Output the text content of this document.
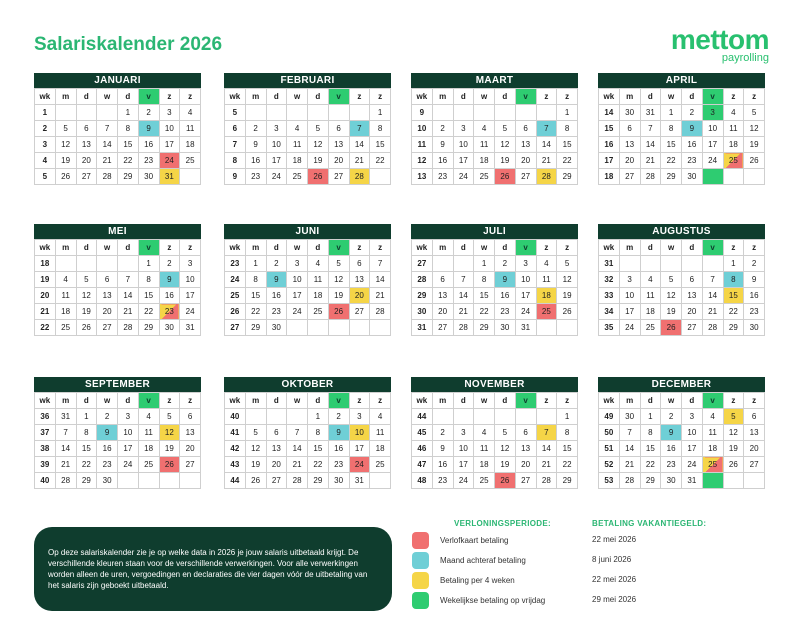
Salariskalender 2026	mettom
payrolling
JANUARI
wk	m	d	w	d	v	z	z
1				1	2	3	4
2	5	6	7	8	9	10	11
3	12	13	14	15	16	17	18
4	19	20	21	22	23	24	25
5	26	27	28	29	30	31	
FEBRUARI
wk	m	d	w	d	v	z	z
5							1
6	2	3	4	5	6	7	8
7	9	10	11	12	13	14	15
8	16	17	18	19	20	21	22
9	23	24	25	26	27	28	
MAART
wk	m	d	w	d	v	z	z
9							1
10	2	3	4	5	6	7	8
11	9	10	11	12	13	14	15
12	16	17	18	19	20	21	22
13	23	24	25	26	27	28	29
APRIL
wk	m	d	w	d	v	z	z
14	30	31	1	2	3	4	5
15	6	7	8	9	10	11	12
16	13	14	15	16	17	18	19
17	20	21	22	23	24	25	26
18	27	28	29	30			
MEI
wk	m	d	w	d	v	z	z
18					1	2	3
19	4	5	6	7	8	9	10
20	11	12	13	14	15	16	17
21	18	19	20	21	22	23	24
22	25	26	27	28	29	30	31
JUNI
wk	m	d	w	d	v	z	z
23	1	2	3	4	5	6	7
24	8	9	10	11	12	13	14
25	15	16	17	18	19	20	21
26	22	23	24	25	26	27	28
27	29	30					
JULI
wk	m	d	w	d	v	z	z
27			1	2	3	4	5
28	6	7	8	9	10	11	12
29	13	14	15	16	17	18	19
30	20	21	22	23	24	25	26
31	27	28	29	30	31		
AUGUSTUS
wk	m	d	w	d	v	z	z
31						1	2
32	3	4	5	6	7	8	9
33	10	11	12	13	14	15	16
34	17	18	19	20	21	22	23
35	24	25	26	27	28	29	30
SEPTEMBER
wk	m	d	w	d	v	z	z
36	31	1	2	3	4	5	6
37	7	8	9	10	11	12	13
38	14	15	16	17	18	19	20
39	21	22	23	24	25	26	27
40	28	29	30				
OKTOBER
wk	m	d	w	d	v	z	z
40				1	2	3	4
41	5	6	7	8	9	10	11
42	12	13	14	15	16	17	18
43	19	20	21	22	23	24	25
44	26	27	28	29	30	31	
NOVEMBER
wk	m	d	w	d	v	z	z
44							1
45	2	3	4	5	6	7	8
46	9	10	11	12	13	14	15
47	16	17	18	19	20	21	22
48	23	24	25	26	27	28	29
DECEMBER
wk	m	d	w	d	v	z	z
49	30	1	2	3	4	5	6
50	7	8	9	10	11	12	13
51	14	15	16	17	18	19	20
52	21	22	23	24	25	26	27
53	28	29	30	31			

Op deze salariskalender zie je op welke data in 2026 je jouw salaris uitbetaald krijgt. De verschillende kleuren staan voor de verschillende verwerkingen. Voor alle verwerkingen worden alleen de uren, vergoedingen en declaraties die vier dagen vóór de uitbetaling van het salaris zijn geboekt uitbetaald.

VERLONINGSPERIODE:	BETALING VAKANTIEGELD:
Verlofkaart betaling	22 mei 2026
Maand achteraf betaling	8 juni 2026
Betaling per 4 weken	22 mei 2026
Wekelijkse betaling op vrijdag	29 mei 2026
